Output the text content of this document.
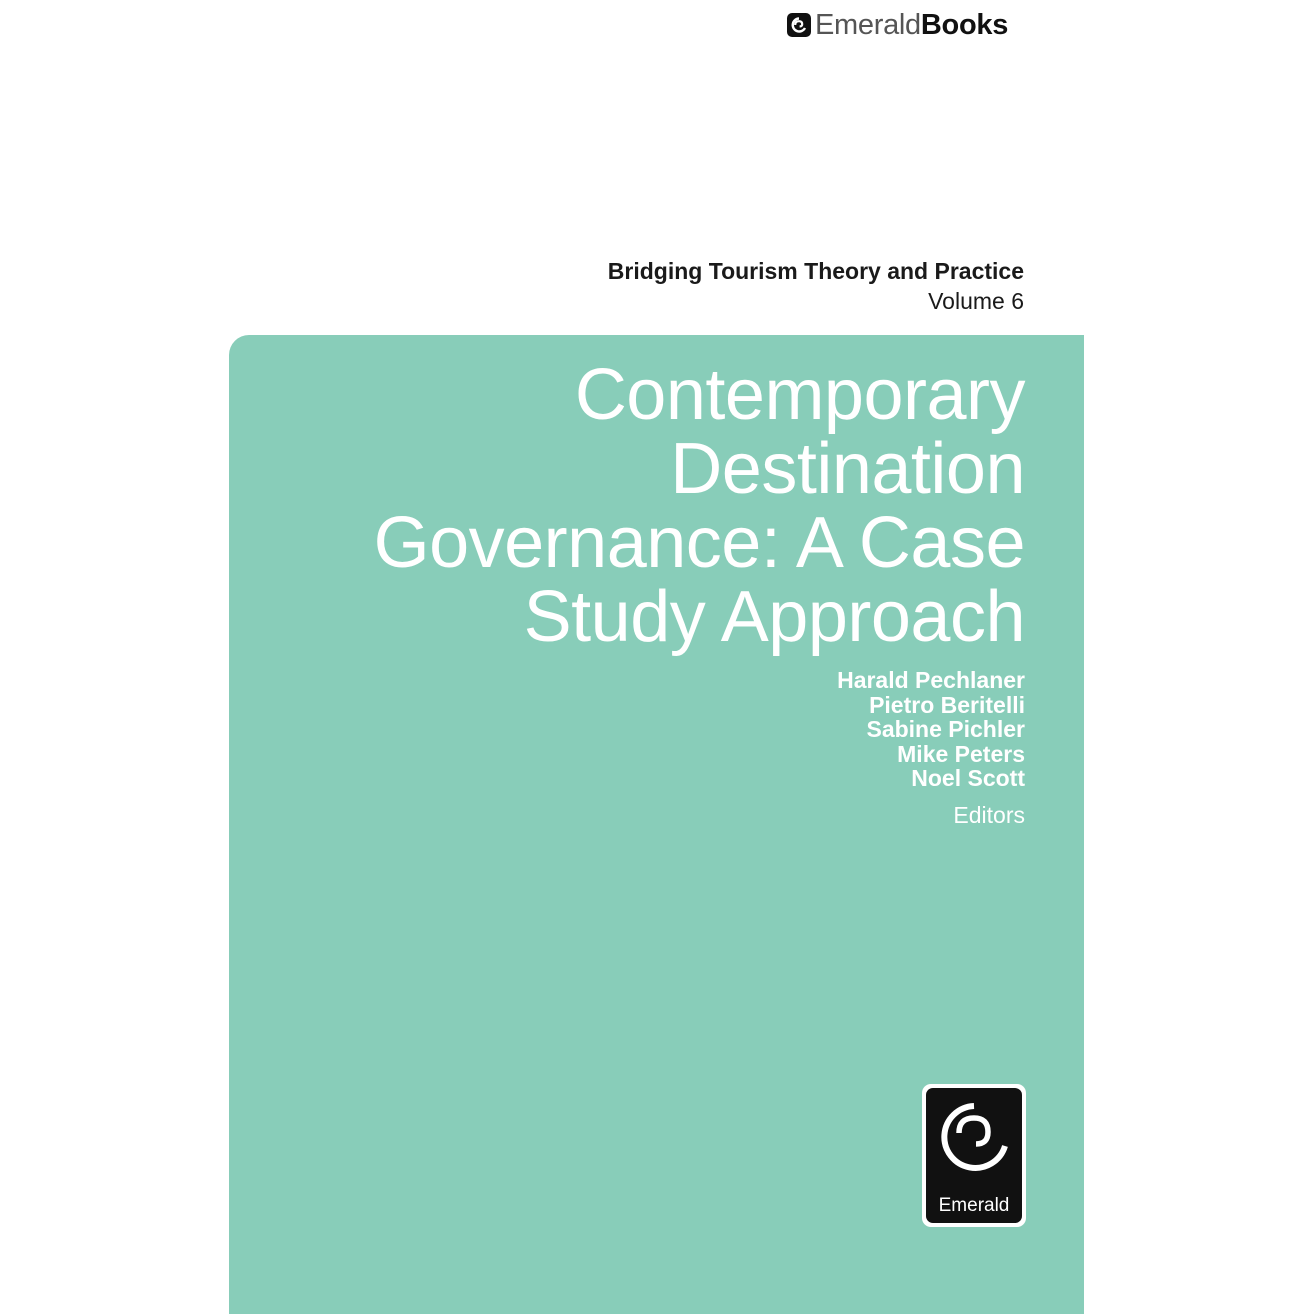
EmeraldBooks
Bridging Tourism Theory and Practice
Volume 6
Contemporary
Destination
Governance: A Case
Study Approach
Harald Pechlaner
Pietro Beritelli
Sabine Pichler
Mike Peters
Noel Scott
Editors
Emerald
